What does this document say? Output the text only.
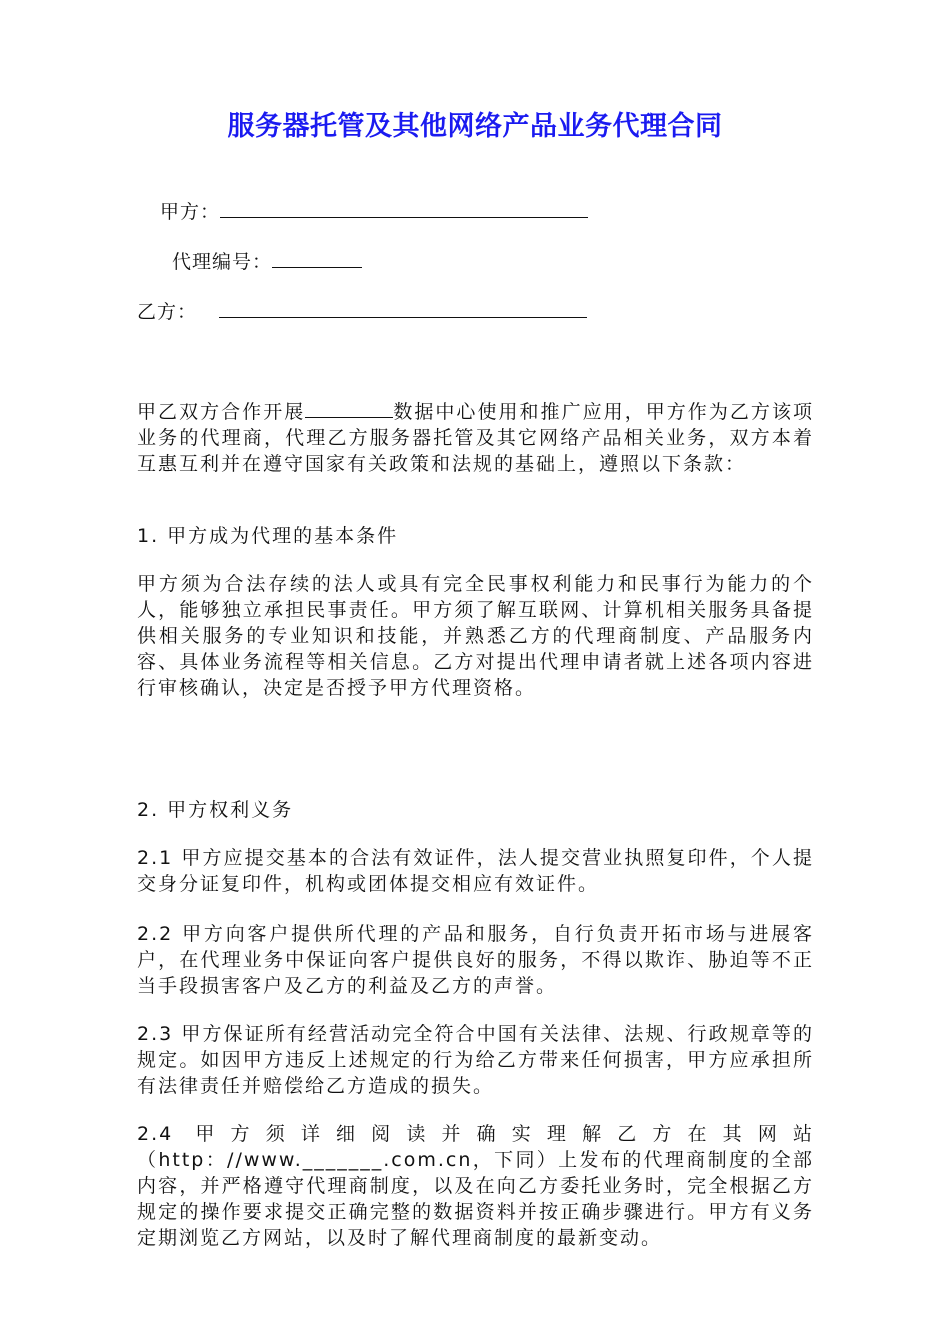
服务器托管及其他网络产品业务代理合同
甲方：
代理编号：
乙方：
甲乙双方合作开展	数据中心使用和推广应用，甲方作为乙方该项业务的代理商，代理乙方服务器托管及其它网络产品相关业务，双方本着互惠互利并在遵守国家有关政策和法规的基础上，遵照以下条款：
1. 甲方成为代理的基本条件
甲方须为合法存续的法人或具有完全民事权利能力和民事行为能力的个人，能够独立承担民事责任。甲方须了解互联网、计算机相关服务具备提供相关服务的专业知识和技能，并熟悉乙方的代理商制度、产品服务内容、具体业务流程等相关信息。乙方对提出代理申请者就上述各项内容进行审核确认，决定是否授予甲方代理资格。
2. 甲方权利义务
2.1 甲方应提交基本的合法有效证件，法人提交营业执照复印件，个人提交身分证复印件，机构或团体提交相应有效证件。
2.2 甲方向客户提供所代理的产品和服务，自行负责开拓市场与进展客户，在代理业务中保证向客户提供良好的服务，不得以欺诈、胁迫等不正当手段损害客户及乙方的利益及乙方的声誉。
2.3 甲方保证所有经营活动完全符合中国有关法律、法规、行政规章等的规定。如因甲方违反上述规定的行为给乙方带来任何损害，甲方应承担所有法律责任并赔偿给乙方造成的损失。
2.4 甲方须详细阅读并确实理解乙方在其网站（http：//www._______.com.cn，下同）上发布的代理商制度的全部内容，并严格遵守代理商制度，以及在向乙方委托业务时，完全根据乙方规定的操作要求提交正确完整的数据资料并按正确步骤进行。甲方有义务定期浏览乙方网站，以及时了解代理商制度的最新变动。
